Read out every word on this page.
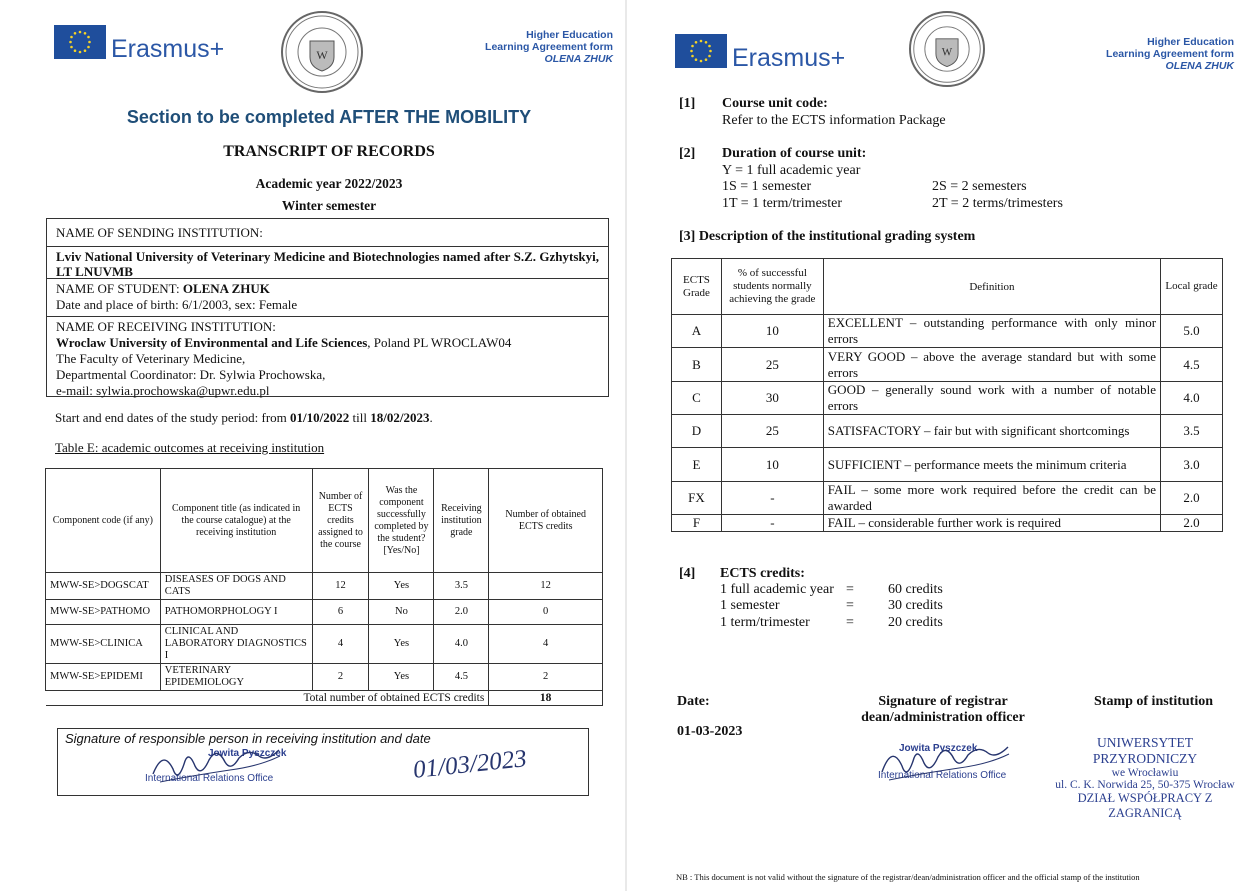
Erasmus+	W
Higher Education
Learning Agreement form
OLENA ZHUK
Section to be completed AFTER THE MOBILITY
TRANSCRIPT OF RECORDS
Academic year 2022/2023
Winter semester
NAME OF SENDING INSTITUTION:
Lviv National University of Veterinary Medicine and Biotechnologies named after S.Z. Gzhytskyi, LT LNUVMB
NAME OF STUDENT: OLENA ZHUK
Date and place of birth: 6/1/2003, sex: Female
NAME OF RECEIVING INSTITUTION:
Wroclaw University of Environmental and Life Sciences, Poland PL WROCLAW04
The Faculty of Veterinary Medicine,
Departmental Coordinator: Dr. Sylwia Prochowska,
e-mail: sylwia.prochowska@upwr.edu.pl
Start and end dates of the study period: from 01/10/2022 till 18/02/2023.
Table E: academic outcomes at receiving institution
Component code (if any)	Component title (as indicated in the course catalogue) at the receiving institution	Number of ECTS credits assigned to the course	Was the component successfully completed by the student? [Yes/No]	Receiving institution grade	Number of obtained ECTS credits
MWW-SE>DOGSCAT	DISEASES OF DOGS AND CATS	12	Yes	3.5	12
MWW-SE>PATHOMO	PATHOMORPHOLOGY I	6	No	2.0	0
MWW-SE>CLINICA	CLINICAL AND LABORATORY DIAGNOSTICS I	4	Yes	4.0	4
MWW-SE>EPIDEMI	VETERINARY EPIDEMIOLOGY	2	Yes	4.5	2
Total number of obtained ECTS credits					18
Signature of responsible person in receiving institution and date
Jowita Pyszczek
International Relations Office	01/03/2023
Erasmus+	W
Higher Education
Learning Agreement form
OLENA ZHUK
[1] Course unit code:
Refer to the ECTS information Package
[2] Duration of course unit:
Y = 1 full academic year
1S = 1 semester	2S = 2 semesters
1T = 1 term/trimester	2T = 2 terms/trimesters
[3] Description of the institutional grading system
ECTS Grade	% of successful students normally achieving the grade	Definition	Local grade
A	10	EXCELLENT – outstanding performance with only minor errors	5.0
B	25	VERY GOOD – above the average standard but with some errors	4.5
C	30	GOOD – generally sound work with a number of notable errors	4.0
D	25	SATISFACTORY – fair but with significant shortcomings	3.5
E	10	SUFFICIENT – performance meets the minimum criteria	3.0
FX	-	FAIL – some more work required before the credit can be awarded	2.0
F	-	FAIL – considerable further work is required	2.0
[4] ECTS credits:
1 full academic year = 60 credits
1 semester	= 30 credits
1 term/trimester	= 20 credits
Date:
01-03-2023
Signature of registrar
dean/administration officer
Stamp of institution
Jowita Pyszczek
International Relations Office
UNIWERSYTET PRZYRODNICZY
we Wrocławiu
ul. C. K. Norwida 25, 50-375 Wrocław
DZIAŁ WSPÓŁPRACY Z ZAGRANICĄ
NB : This document is not valid without the signature of the registrar/dean/administration officer and the official stamp of the institution
